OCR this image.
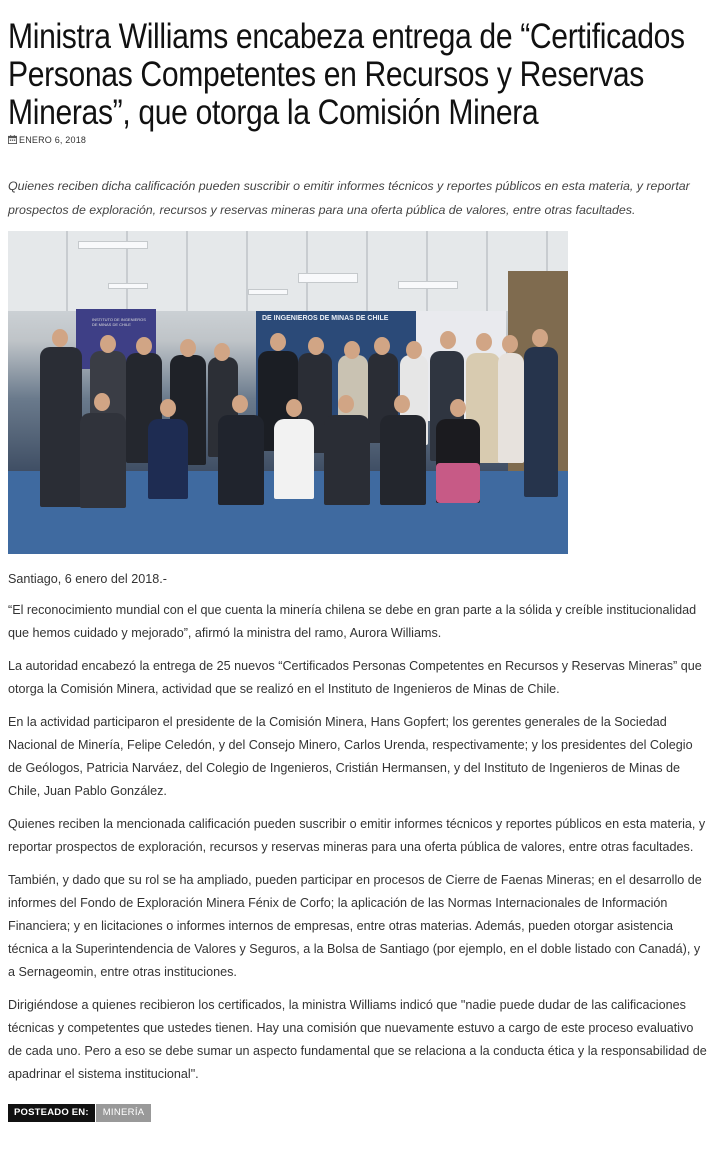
Ministra Williams encabeza entrega de “Certificados Personas Competentes en Recursos y Reservas Mineras”, que otorga la Comisión Minera
ENERO 6, 2018

Quienes reciben dicha calificación pueden suscribir o emitir informes técnicos y reportes públicos en esta materia, y reportar prospectos de exploración, recursos y reservas mineras para una oferta pública de valores, entre otras facultades.

INSTITUTO DE INGENIEROS DE MINAS DE CHILE
DE INGENIEROS DE MINAS DE CHILE

Santiago, 6 enero del 2018.-

“El reconocimiento mundial con el que cuenta la minería chilena se debe en gran parte a la sólida y creíble institucionalidad que hemos cuidado y mejorado”, afirmó la ministra del ramo, Aurora Williams.

La autoridad encabezó la entrega de 25 nuevos “Certificados Personas Competentes en Recursos y Reservas Mineras” que otorga la Comisión Minera, actividad que se realizó en el Instituto de Ingenieros de Minas de Chile.

En la actividad participaron el presidente de la Comisión Minera, Hans Gopfert; los gerentes generales de la Sociedad Nacional de Minería, Felipe Celedón, y del Consejo Minero, Carlos Urenda, respectivamente; y los presidentes del Colegio de Geólogos, Patricia Narváez, del Colegio de Ingenieros, Cristián Hermansen, y del Instituto de Ingenieros de Minas de Chile, Juan Pablo González.

Quienes reciben la mencionada calificación pueden suscribir o emitir informes técnicos y reportes públicos en esta materia, y reportar prospectos de exploración, recursos y reservas mineras para una oferta pública de valores, entre otras facultades.

También, y dado que su rol se ha ampliado, pueden participar en procesos de Cierre de Faenas Mineras; en el desarrollo de informes del Fondo de Exploración Minera Fénix de Corfo; la aplicación de las Normas Internacionales de Información Financiera; y en licitaciones o informes internos de empresas, entre otras materias. Además, pueden otorgar asistencia técnica a la Superintendencia de Valores y Seguros, a la Bolsa de Santiago (por ejemplo, en el doble listado con Canadá), y a Sernageomin, entre otras instituciones.

Dirigiéndose a quienes recibieron los certificados, la ministra Williams indicó que "nadie puede dudar de las calificaciones técnicas y competentes que ustedes tienen. Hay una comisión que nuevamente estuvo a cargo de este proceso evaluativo de cada uno. Pero a eso se debe sumar un aspecto fundamental que se relaciona a la conducta ética y la responsabilidad de apadrinar el sistema institucional".

POSTEADO EN:	MINERÍA
